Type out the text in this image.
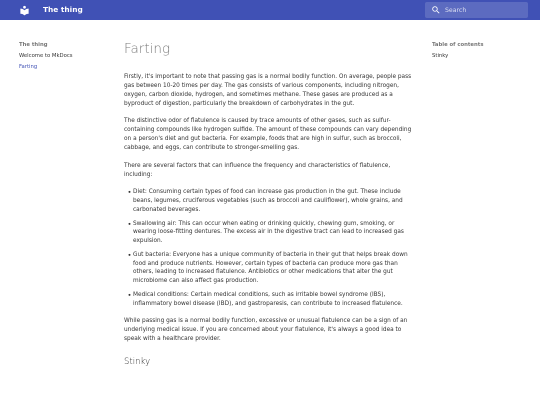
The thing
Search
The thing
Welcome to MkDocs
Farting
Table of contents
Stinky
Farting

Firstly, it's important to note that passing gas is a normal bodily function. On average, people pass gas between 10-20 times per day. The gas consists of various components, including nitrogen, oxygen, carbon dioxide, hydrogen, and sometimes methane. These gases are produced as a byproduct of digestion, particularly the breakdown of carbohydrates in the gut.

The distinctive odor of flatulence is caused by trace amounts of other gases, such as sulfur-containing compounds like hydrogen sulfide. The amount of these compounds can vary depending on a person's diet and gut bacteria. For example, foods that are high in sulfur, such as broccoli, cabbage, and eggs, can contribute to stronger-smelling gas.

There are several factors that can influence the frequency and characteristics of flatulence, including:

Diet: Consuming certain types of food can increase gas production in the gut. These include beans, legumes, cruciferous vegetables (such as broccoli and cauliflower), whole grains, and carbonated beverages.
Swallowing air: This can occur when eating or drinking quickly, chewing gum, smoking, or wearing loose-fitting dentures. The excess air in the digestive tract can lead to increased gas expulsion.
Gut bacteria: Everyone has a unique community of bacteria in their gut that helps break down food and produce nutrients. However, certain types of bacteria can produce more gas than others, leading to increased flatulence. Antibiotics or other medications that alter the gut microbiome can also affect gas production.
Medical conditions: Certain medical conditions, such as irritable bowel syndrome (IBS), inflammatory bowel disease (IBD), and gastroparesis, can contribute to increased flatulence.

While passing gas is a normal bodily function, excessive or unusual flatulence can be a sign of an underlying medical issue. If you are concerned about your flatulence, it's always a good idea to speak with a healthcare provider.

Stinky
